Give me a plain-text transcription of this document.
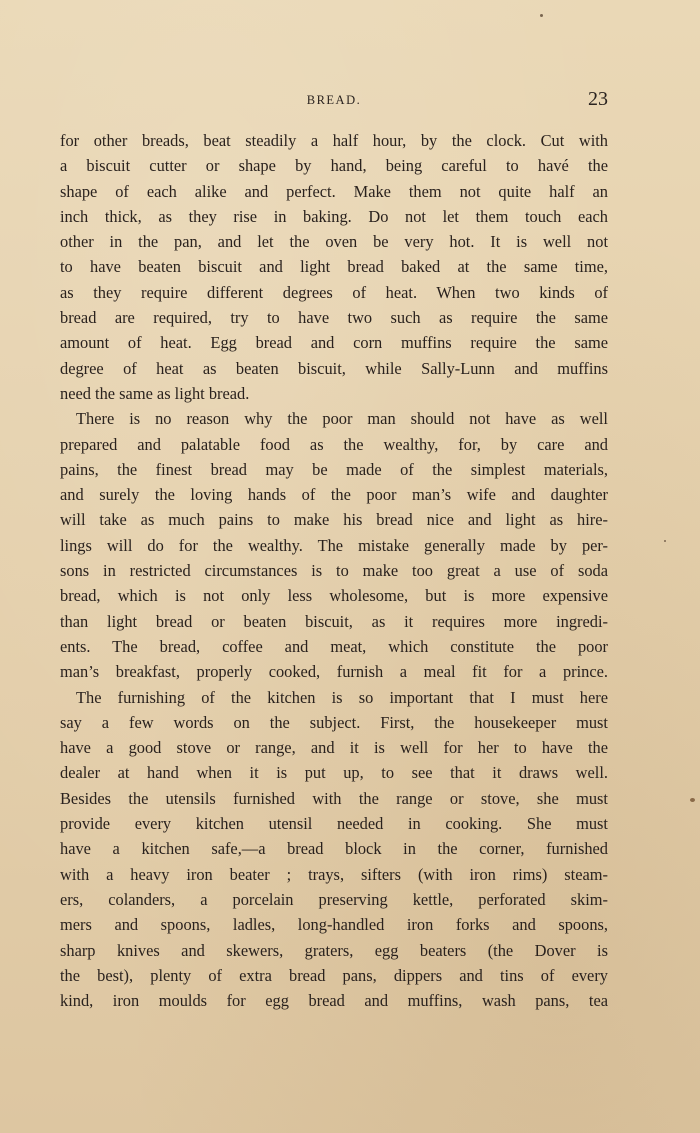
BREAD.	23
for other breads, beat steadily a half hour, by the clock. Cut with
a biscuit cutter or shape by hand, being careful to havé the
shape of each alike and perfect. Make them not quite half an
inch thick, as they rise in baking. Do not let them touch each
other in the pan, and let the oven be very hot. It is well not
to have beaten biscuit and light bread baked at the same time,
as they require different degrees of heat. When two kinds of
bread are required, try to have two such as require the same
amount of heat. Egg bread and corn muffins require the same
degree of heat as beaten biscuit, while Sally-Lunn and muffins
need the same as light bread.
There is no reason why the poor man should not have as well
prepared and palatable food as the wealthy, for, by care and
pains, the finest bread may be made of the simplest materials,
and surely the loving hands of the poor man’s wife and daughter
will take as much pains to make his bread nice and light as hire-
lings will do for the wealthy. The mistake generally made by per-
sons in restricted circumstances is to make too great a use of soda
bread, which is not only less wholesome, but is more expensive
than light bread or beaten biscuit, as it requires more ingredi-
ents. The bread, coffee and meat, which constitute the poor
man’s breakfast, properly cooked, furnish a meal fit for a prince.
The furnishing of the kitchen is so important that I must here
say a few words on the subject. First, the housekeeper must
have a good stove or range, and it is well for her to have the
dealer at hand when it is put up, to see that it draws well.
Besides the utensils furnished with the range or stove, she must
provide every kitchen utensil needed in cooking. She must
have a kitchen safe,—a bread block in the corner, furnished
with a heavy iron beater ; trays, sifters (with iron rims) steam-
ers, colanders, a porcelain preserving kettle, perforated skim-
mers and spoons, ladles, long-handled iron forks and spoons,
sharp knives and skewers, graters, egg beaters (the Dover is
the best), plenty of extra bread pans, dippers and tins of every
kind, iron moulds for egg bread and muffins, wash pans, tea
